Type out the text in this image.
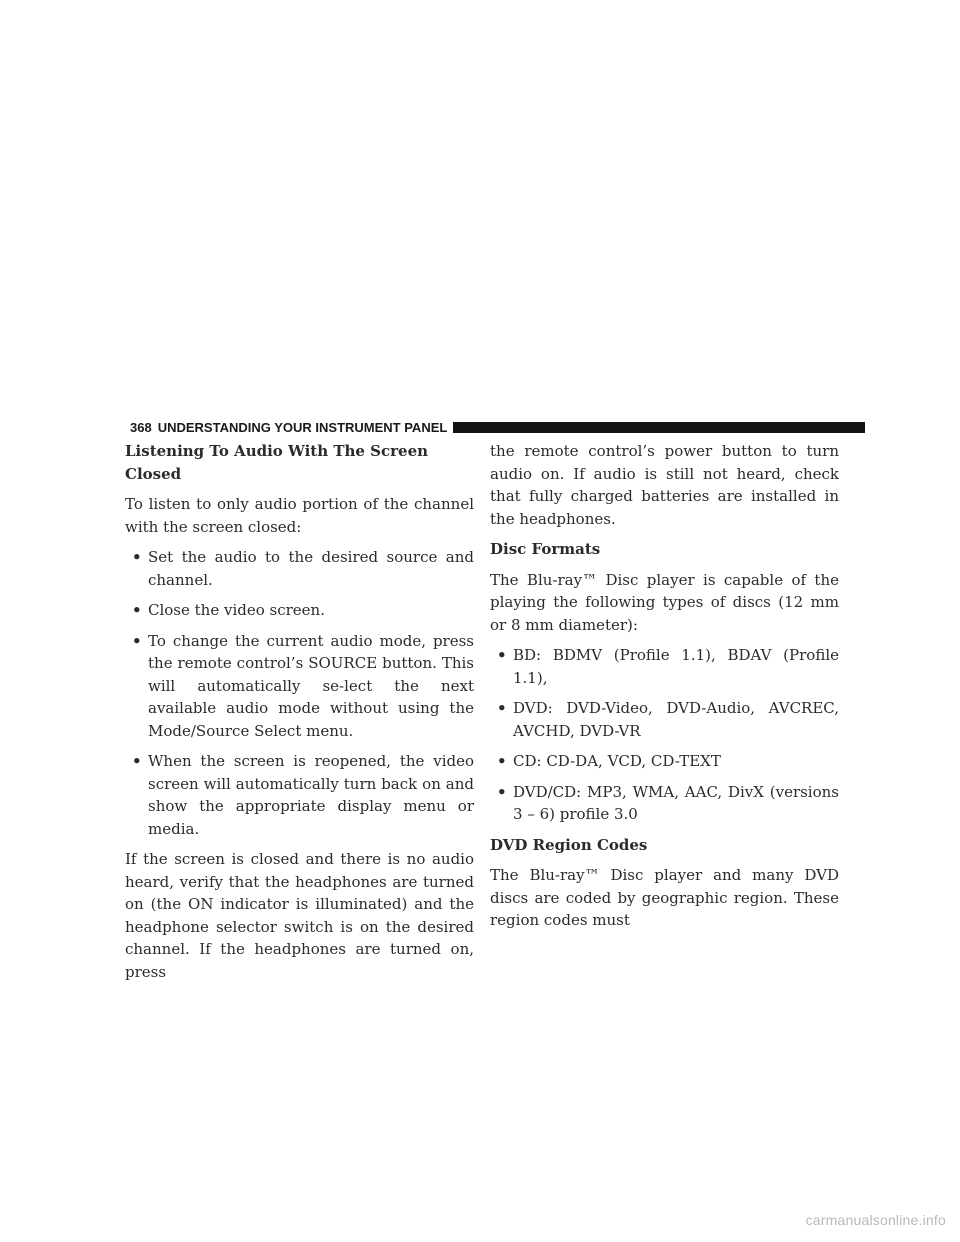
368 UNDERSTANDING YOUR INSTRUMENT PANEL
Listening To Audio With The Screen Closed

To listen to only audio portion of the channel with the screen closed:

• Set the audio to the desired source and channel.
• Close the video screen.
• To change the current audio mode, press the remote control’s SOURCE button. This will automatically se-lect the next available audio mode without using the Mode/Source Select menu.
• When the screen is reopened, the video screen will automatically turn back on and show the appropriate display menu or media.

If the screen is closed and there is no audio heard, verify that the headphones are turned on (the ON indicator is illuminated) and the headphone selector switch is on the desired channel. If the headphones are turned on, press

the remote control’s power button to turn audio on. If audio is still not heard, check that fully charged batteries are installed in the headphones.

Disc Formats

The Blu-ray™ Disc player is capable of the playing the following types of discs (12 mm or 8 mm diameter):

• BD: BDMV (Profile 1.1), BDAV (Profile 1.1),
• DVD: DVD-Video, DVD-Audio, AVCREC, AVCHD, DVD-VR
• CD: CD-DA, VCD, CD-TEXT
• DVD/CD: MP3, WMA, AAC, DivX (versions 3 – 6) profile 3.0
DVD Region Codes

The Blu-ray™ Disc player and many DVD discs are coded by geographic region. These region codes must

carmanualsonline.info
